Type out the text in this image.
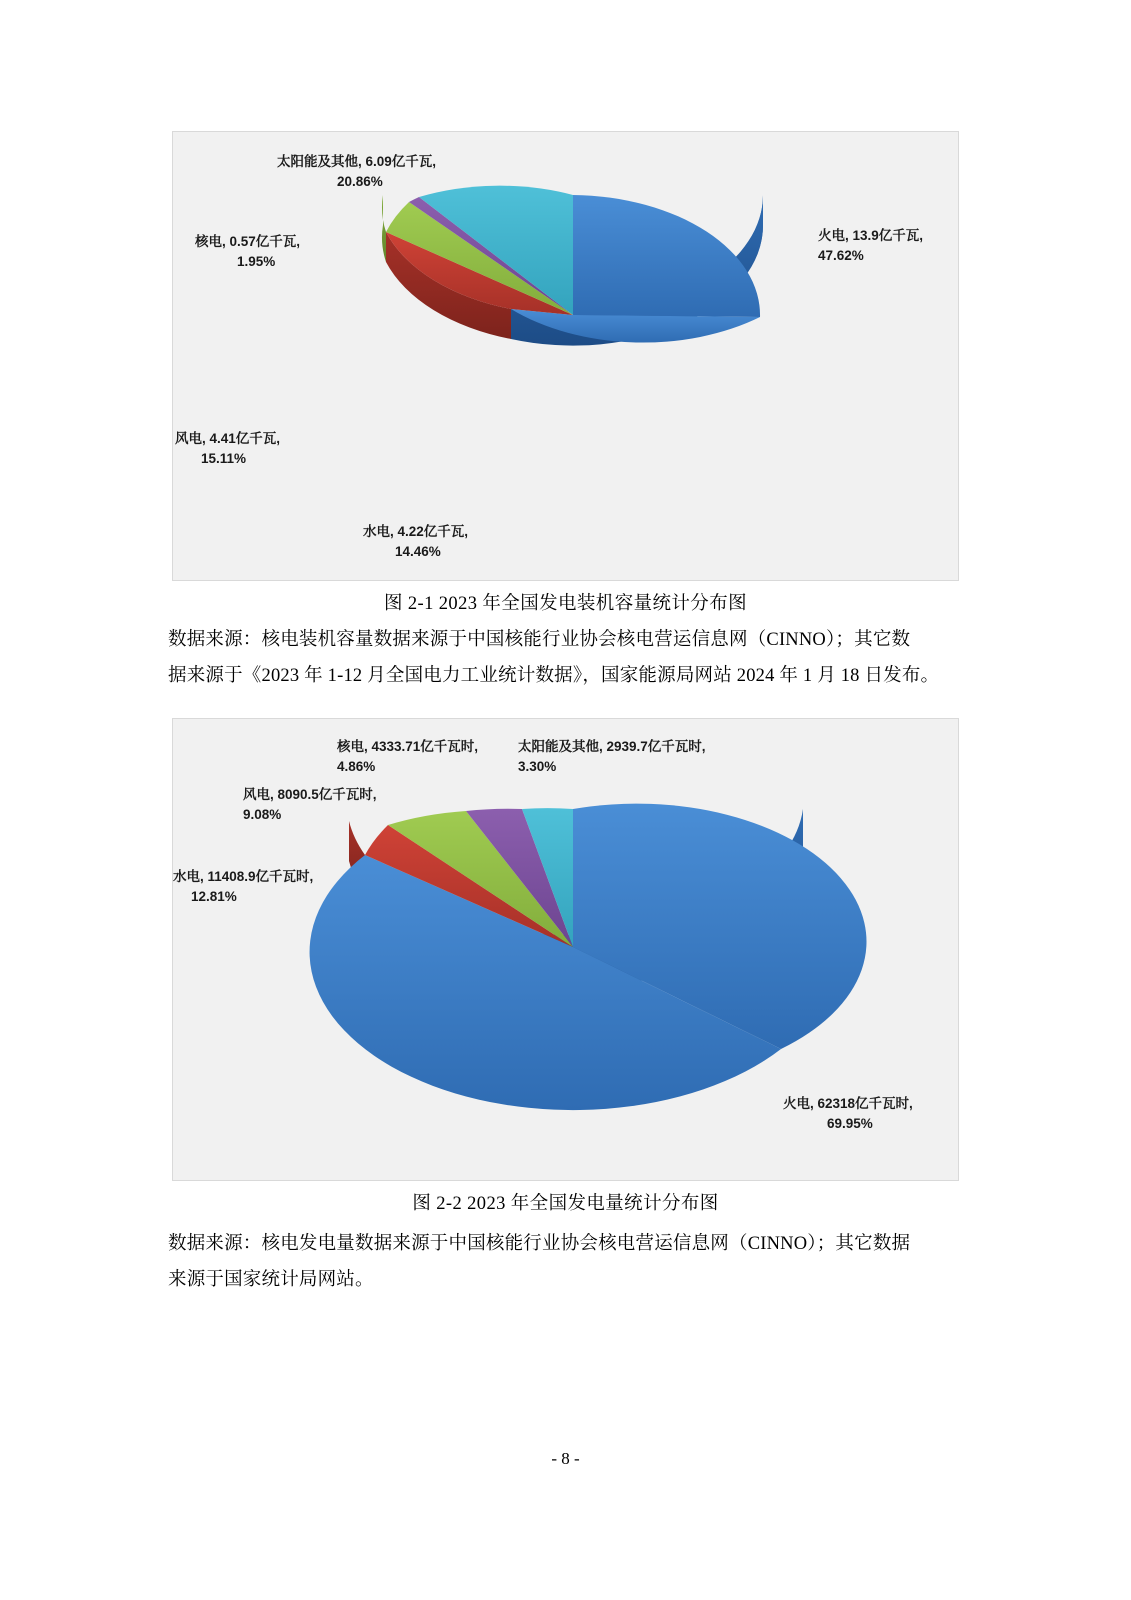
火电, 13.9亿千瓦,
47.62%
太阳能及其他, 6.09亿千瓦,
20.86%
核电, 0.57亿千瓦,
1.95%
风电, 4.41亿千瓦,
15.11%
水电, 4.22亿千瓦,
14.46%
图 2-1 2023 年全国发电装机容量统计分布图
数据来源：核电装机容量数据来源于中国核能行业协会核电营运信息网（CINNO）；其它数
据来源于《2023 年 1-12 月全国电力工业统计数据》，国家能源局网站 2024 年 1 月 18 日发布。
火电, 62318亿千瓦时,
69.95%
太阳能及其他, 2939.7亿千瓦时,
3.30%
核电, 4333.71亿千瓦时,
4.86%
风电, 8090.5亿千瓦时,
9.08%
水电, 11408.9亿千瓦时,
12.81%
图 2-2 2023 年全国发电量统计分布图
数据来源：核电发电量数据来源于中国核能行业协会核电营运信息网（CINNO）；其它数据
来源于国家统计局网站。
- 8 -
